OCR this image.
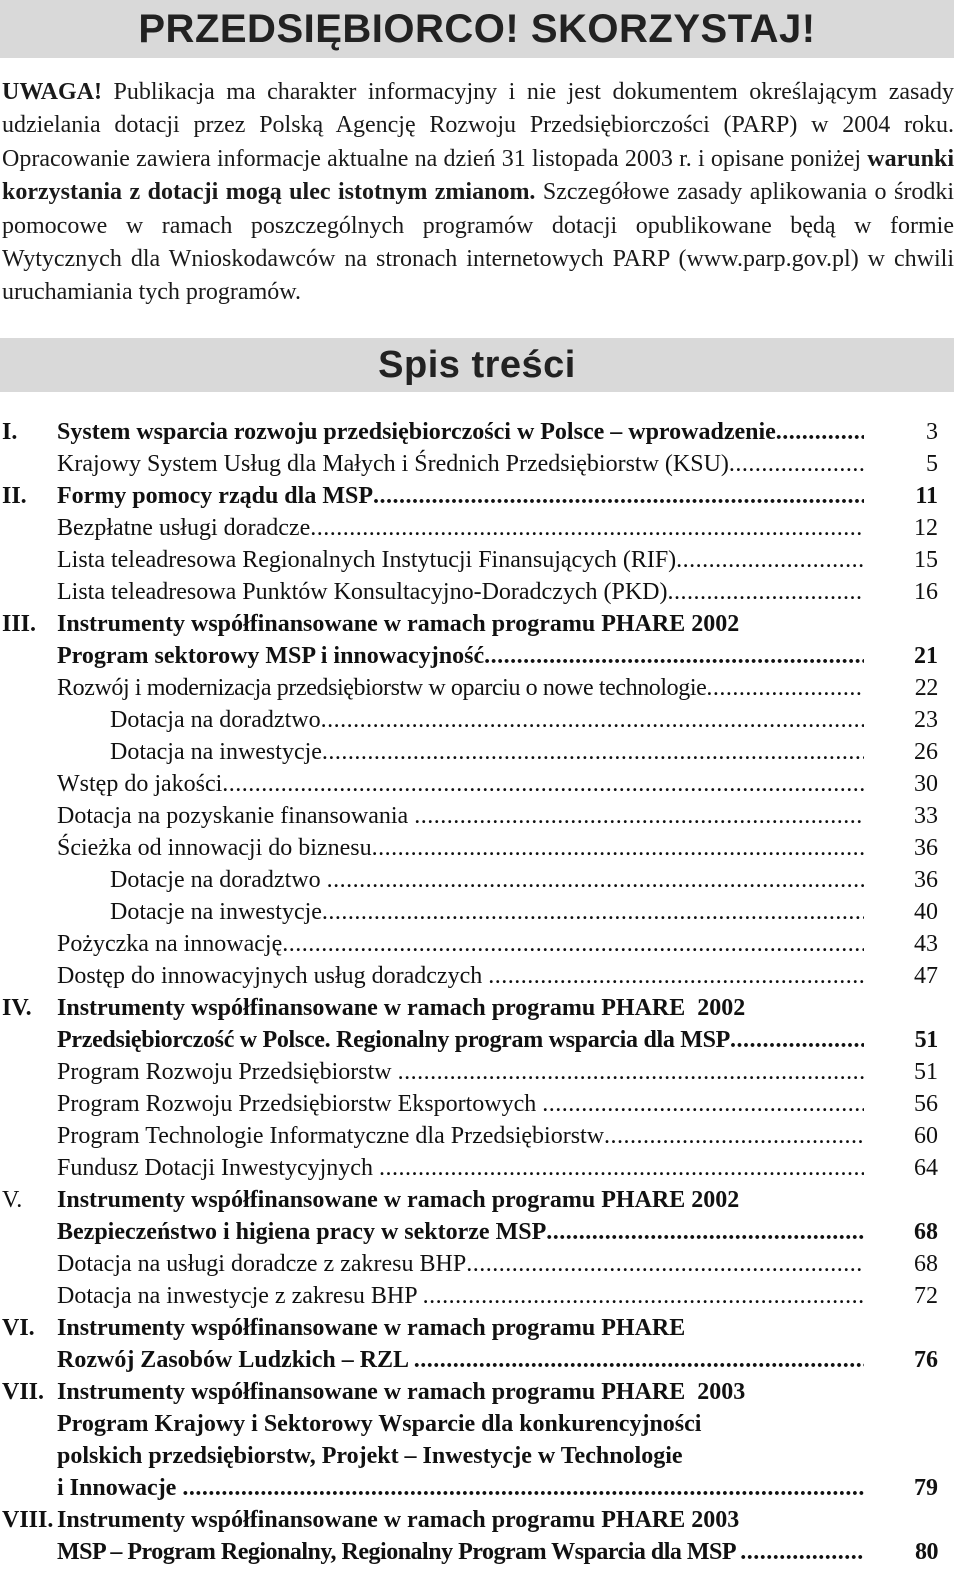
PRZEDSIĘBIORCO! SKORZYSTAJ!
UWAGA! Publikacja ma charakter informacyjny i nie jest dokumentem określającym zasady udzielania dotacji przez Polską Agencję Rozwoju Przedsiębiorczości (PARP) w 2004 roku. Opracowanie zawiera informacje aktualne na dzień 31 listopada 2003 r. i opisane poniżej warunki korzystania z dotacji mogą ulec istotnym zmianom. Szczegółowe zasady aplikowania o środki pomocowe w ramach poszczególnych programów dotacji opublikowane będą w formie Wytycznych dla Wnioskodawców na stronach internetowych PARP (www.parp.gov.pl) w chwili uruchamiania tych programów.
Spis treści
I. System wsparcia rozwoju przedsiębiorczości w Polsce – wprowadzenie .....	3
Krajowy System Usług dla Małych i Średnich Przedsiębiorstw (KSU) .....	5
II. Formy pomocy rządu dla MSP .....	11
Bezpłatne usługi doradcze .....	12
Lista teleadresowa Regionalnych Instytucji Finansujących (RIF) .....	15
Lista teleadresowa Punktów Konsultacyjno-Doradczych (PKD) .....	16
III. Instrumenty współfinansowane w ramach programu PHARE 2002
Program sektorowy MSP i innowacyjność .....	21
Rozwój i modernizacja przedsiębiorstw w oparciu o nowe technologie .....	22
Dotacja na doradztwo .....	23
Dotacja na inwestycje .....	26
Wstęp do jakości .....	30
Dotacja na pozyskanie finansowania .....	33
Ścieżka od innowacji do biznesu .....	36
Dotacje na doradztwo .....	36
Dotacje na inwestycje .....	40
Pożyczka na innowację .....	43
Dostęp do innowacyjnych usług doradczych .....	47
IV. Instrumenty współfinansowane w ramach programu PHARE  2002
Przedsiębiorczość w Polsce. Regionalny program wsparcia dla MSP .....	51
Program Rozwoju Przedsiębiorstw .....	51
Program Rozwoju Przedsiębiorstw Eksportowych .....	56
Program Technologie Informatyczne dla Przedsiębiorstw .....	60
Fundusz Dotacji Inwestycyjnych .....	64
V. Instrumenty współfinansowane w ramach programu PHARE 2002
Bezpieczeństwo i higiena pracy w sektorze MSP .....	68
Dotacja na usługi doradcze z zakresu BHP .....	68
Dotacja na inwestycje z zakresu BHP .....	72
VI. Instrumenty współfinansowane w ramach programu PHARE
Rozwój Zasobów Ludzkich – RZL .....	76
VII. Instrumenty współfinansowane w ramach programu PHARE  2003
Program Krajowy i Sektorowy Wsparcie dla konkurencyjności
polskich przedsiębiorstw, Projekt – Inwestycje w Technologie
i Innowacje .....	79
VIII. Instrumenty współfinansowane w ramach programu PHARE 2003
MSP – Program Regionalny, Regionalny Program Wsparcia dla MSP .....	80
